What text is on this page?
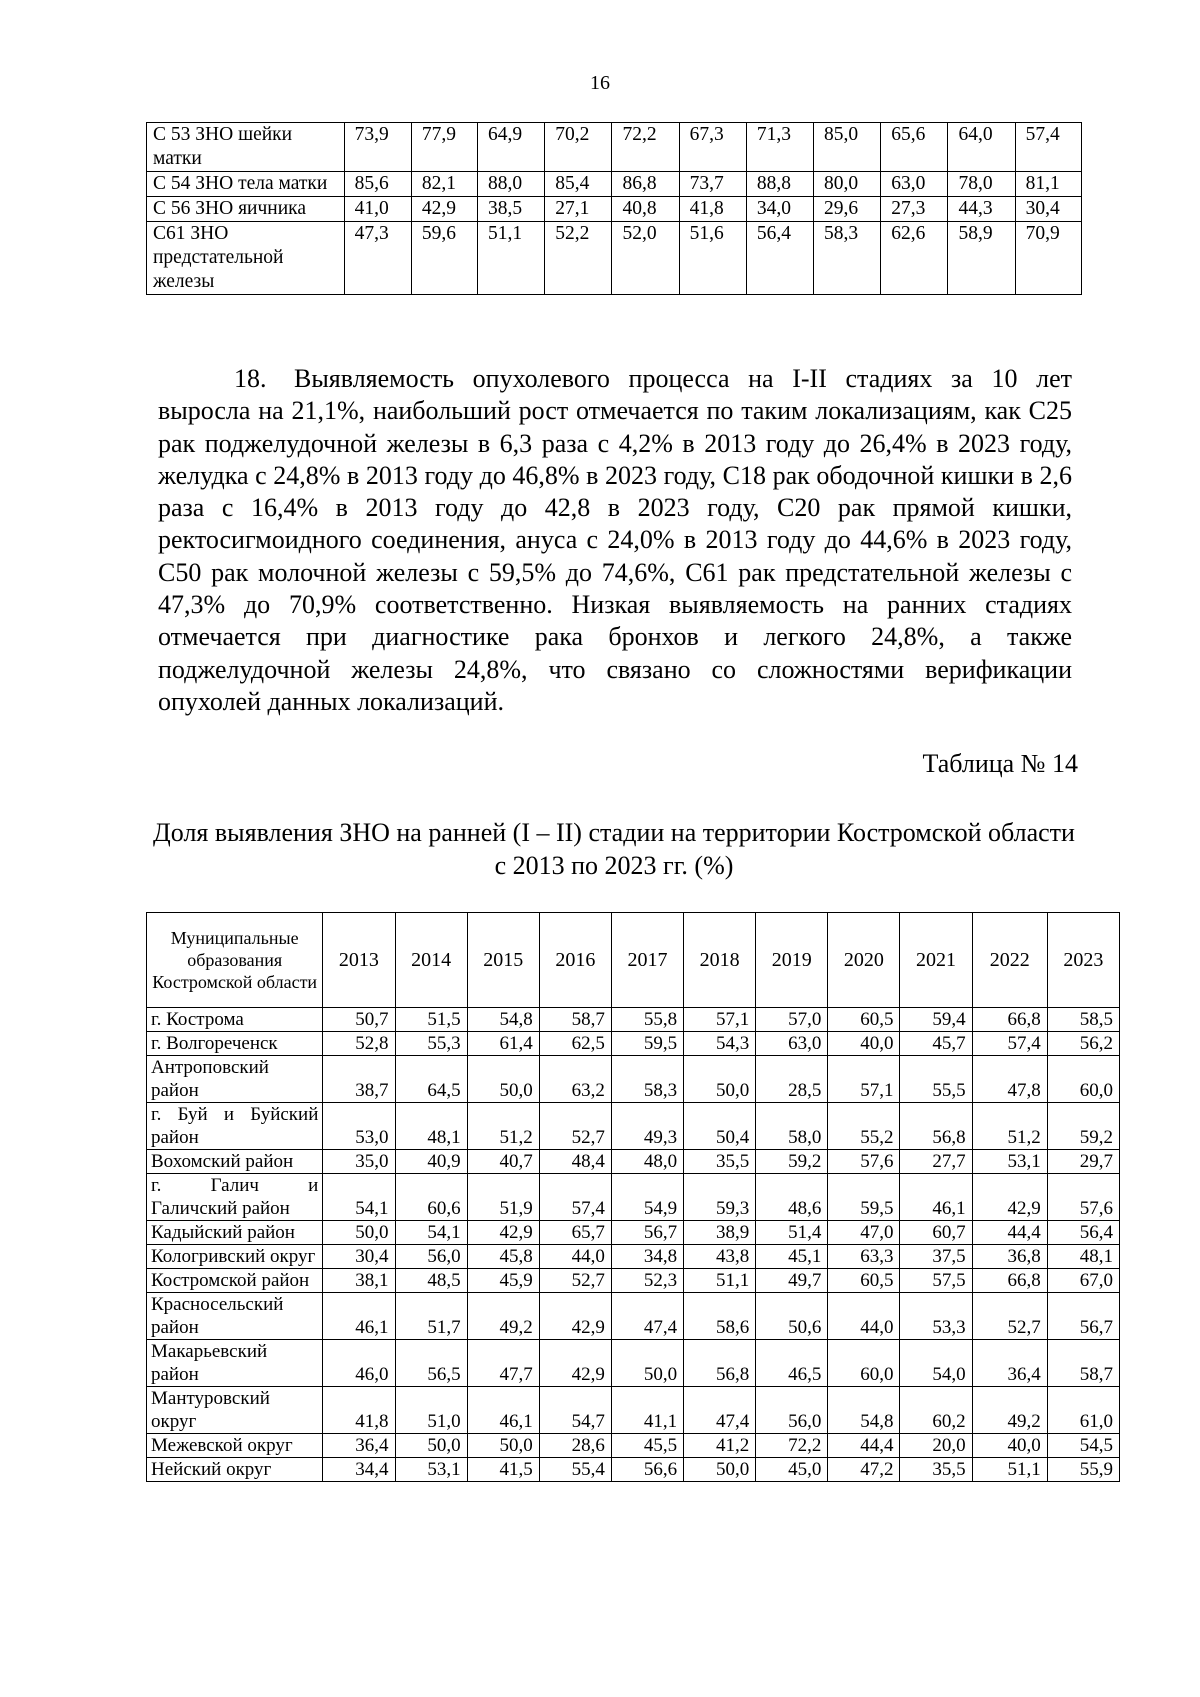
16
С 53 ЗНО шейки матки	73,9	77,9	64,9	70,2	72,2	67,3	71,3	85,0	65,6	64,0	57,4
С 54 ЗНО тела матки	85,6	82,1	88,0	85,4	86,8	73,7	88,8	80,0	63,0	78,0	81,1
С 56 ЗНО яичника	41,0	42,9	38,5	27,1	40,8	41,8	34,0	29,6	27,3	44,3	30,4
С61 ЗНО предстательной железы	47,3	59,6	51,1	52,2	52,0	51,6	56,4	58,3	62,6	58,9	70,9

18. Выявляемость опухолевого процесса на I-II стадиях за 10 лет выросла на 21,1%, наибольший рост отмечается по таким локализациям, как С25 рак поджелудочной железы в 6,3 раза с 4,2% в 2013 году до 26,4% в 2023 году, желудка с 24,8% в 2013 году до 46,8% в 2023 году, С18 рак ободочной кишки в 2,6 раза с 16,4% в 2013 году до 42,8 в 2023 году, С20 рак прямой кишки, ректосигмоидного соединения, ануса с 24,0% в 2013 году до 44,6% в 2023 году, С50 рак молочной железы с 59,5% до 74,6%, С61 рак предстательной железы с 47,3% до 70,9% соответственно. Низкая выявляемость на ранних стадиях отмечается при диагностике рака бронхов и легкого 24,8%, а также поджелудочной железы 24,8%, что связано со сложностями верификации опухолей данных локализаций.

Таблица № 14

Доля выявления ЗНО на ранней (I – II) стадии на территории Костромской области с 2013 по 2023 гг. (%)

Муниципальные образования Костромской области	2013	2014	2015	2016	2017	2018	2019	2020	2021	2022	2023
г. Кострома	50,7	51,5	54,8	58,7	55,8	57,1	57,0	60,5	59,4	66,8	58,5
г. Волгореченск	52,8	55,3	61,4	62,5	59,5	54,3	63,0	40,0	45,7	57,4	56,2
Антроповский район	38,7	64,5	50,0	63,2	58,3	50,0	28,5	57,1	55,5	47,8	60,0
г. Буй и Буйский район	53,0	48,1	51,2	52,7	49,3	50,4	58,0	55,2	56,8	51,2	59,2
Вохомский район	35,0	40,9	40,7	48,4	48,0	35,5	59,2	57,6	27,7	53,1	29,7
г. Галич и Галичский район	54,1	60,6	51,9	57,4	54,9	59,3	48,6	59,5	46,1	42,9	57,6
Кадыйский район	50,0	54,1	42,9	65,7	56,7	38,9	51,4	47,0	60,7	44,4	56,4
Кологривский округ	30,4	56,0	45,8	44,0	34,8	43,8	45,1	63,3	37,5	36,8	48,1
Костромской район	38,1	48,5	45,9	52,7	52,3	51,1	49,7	60,5	57,5	66,8	67,0
Красносельский район	46,1	51,7	49,2	42,9	47,4	58,6	50,6	44,0	53,3	52,7	56,7
Макарьевский район	46,0	56,5	47,7	42,9	50,0	56,8	46,5	60,0	54,0	36,4	58,7
Мантуровский округ	41,8	51,0	46,1	54,7	41,1	47,4	56,0	54,8	60,2	49,2	61,0
Межевской округ	36,4	50,0	50,0	28,6	45,5	41,2	72,2	44,4	20,0	40,0	54,5
Нейский округ	34,4	53,1	41,5	55,4	56,6	50,0	45,0	47,2	35,5	51,1	55,9
